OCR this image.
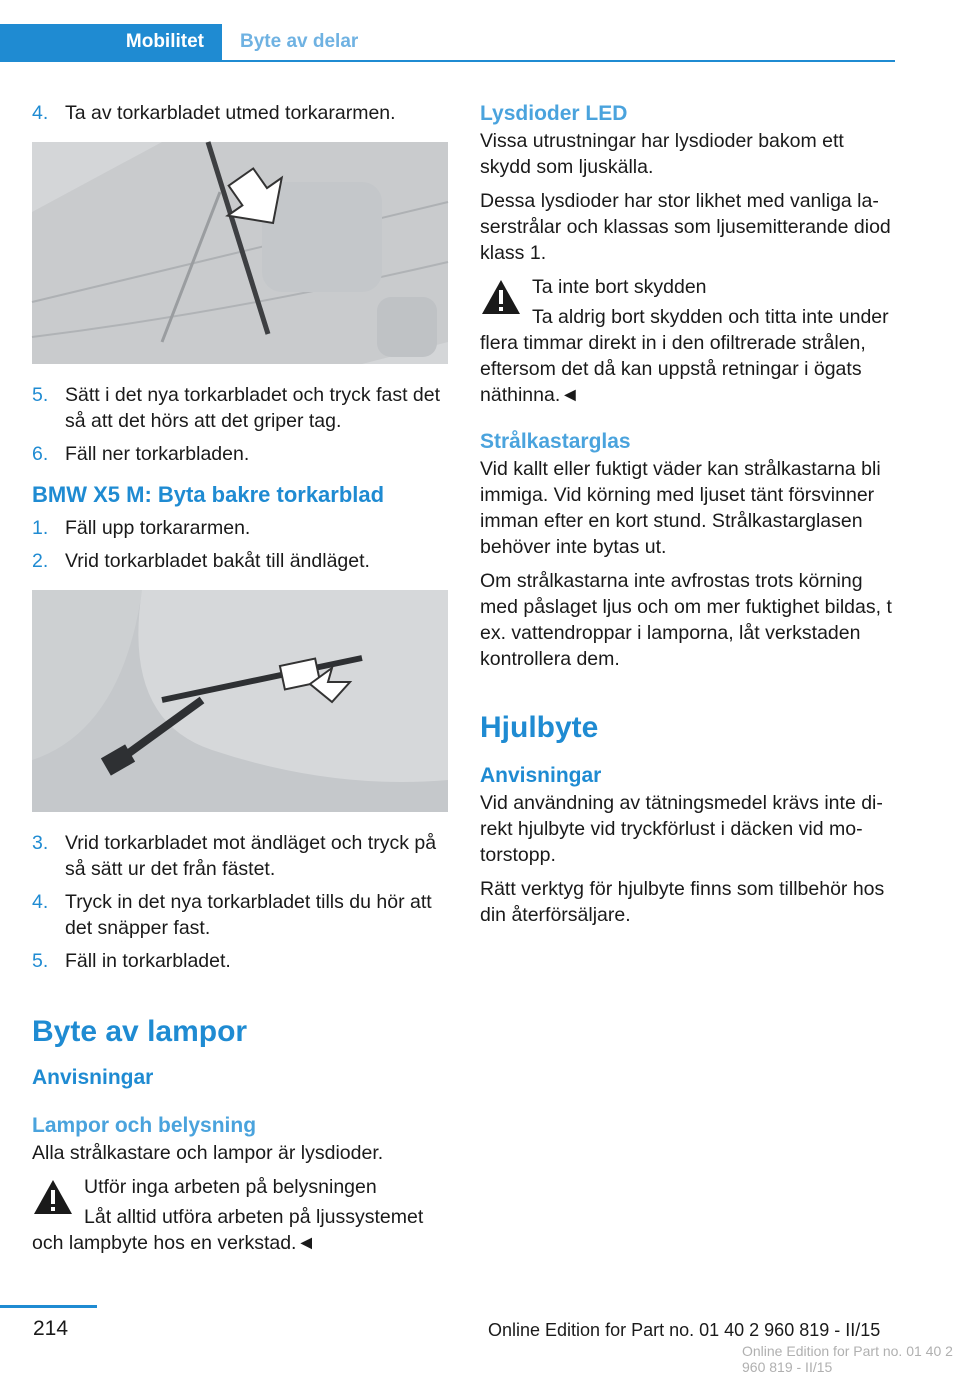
Mobilitet	Byte av delar
4. Ta av torkarbladet utmed torkararmen.
5. Sätt i det nya torkarbladet och tryck fast det så att det hörs att det griper tag.
6. Fäll ner torkarbladen.
BMW X5 M: Byta bakre torkarblad
1. Fäll upp torkararmen.
2. Vrid torkarbladet bakåt till ändläget.
3. Vrid torkarbladet mot ändläget och tryck på så sätt ur det från fästet.
4. Tryck in det nya torkarbladet tills du hör att det snäpper fast.
5. Fäll in torkarbladet.
Byte av lampor
Anvisningar
Lampor och belysning

Alla strålkastare och lampor är lysdioder.

Utför inga arbeten på belysningen
Låt alltid utföra arbeten på ljussystemet och lampbyte hos en verkstad.◄
Lysdioder LED

Vissa utrustningar har lysdioder bakom ett skydd som ljuskälla.

Dessa lysdioder har stor likhet med vanliga laserstrålar och klassas som ljusemitterande diod klass 1.

Ta inte bort skydden
Ta aldrig bort skydden och titta inte under flera timmar direkt in i den ofiltrerade strålen, eftersom det då kan uppstå retningar i ögats näthinna.◄
Strålkastarglas

Vid kallt eller fuktigt väder kan strålkastarna bli immiga. Vid körning med ljuset tänt försvinner imman efter en kort stund. Strålkastarglasen behöver inte bytas ut.

Om strålkastarna inte avfrostas trots körning med påslaget ljus och om mer fuktighet bildas, t ex. vattendroppar i lamporna, låt verkstaden kontrollera dem.

Hjulbyte
Anvisningar

Vid användning av tätningsmedel krävs inte direkt hjulbyte vid tryckförlust i däcken vid motorstopp.

Rätt verktyg för hjulbyte finns som tillbehör hos din återförsäljare.

214	Online Edition for Part no. 01 40 2 960 819 - II/15
Online Edition for Part no. 01 40 2 960 819 - II/15
